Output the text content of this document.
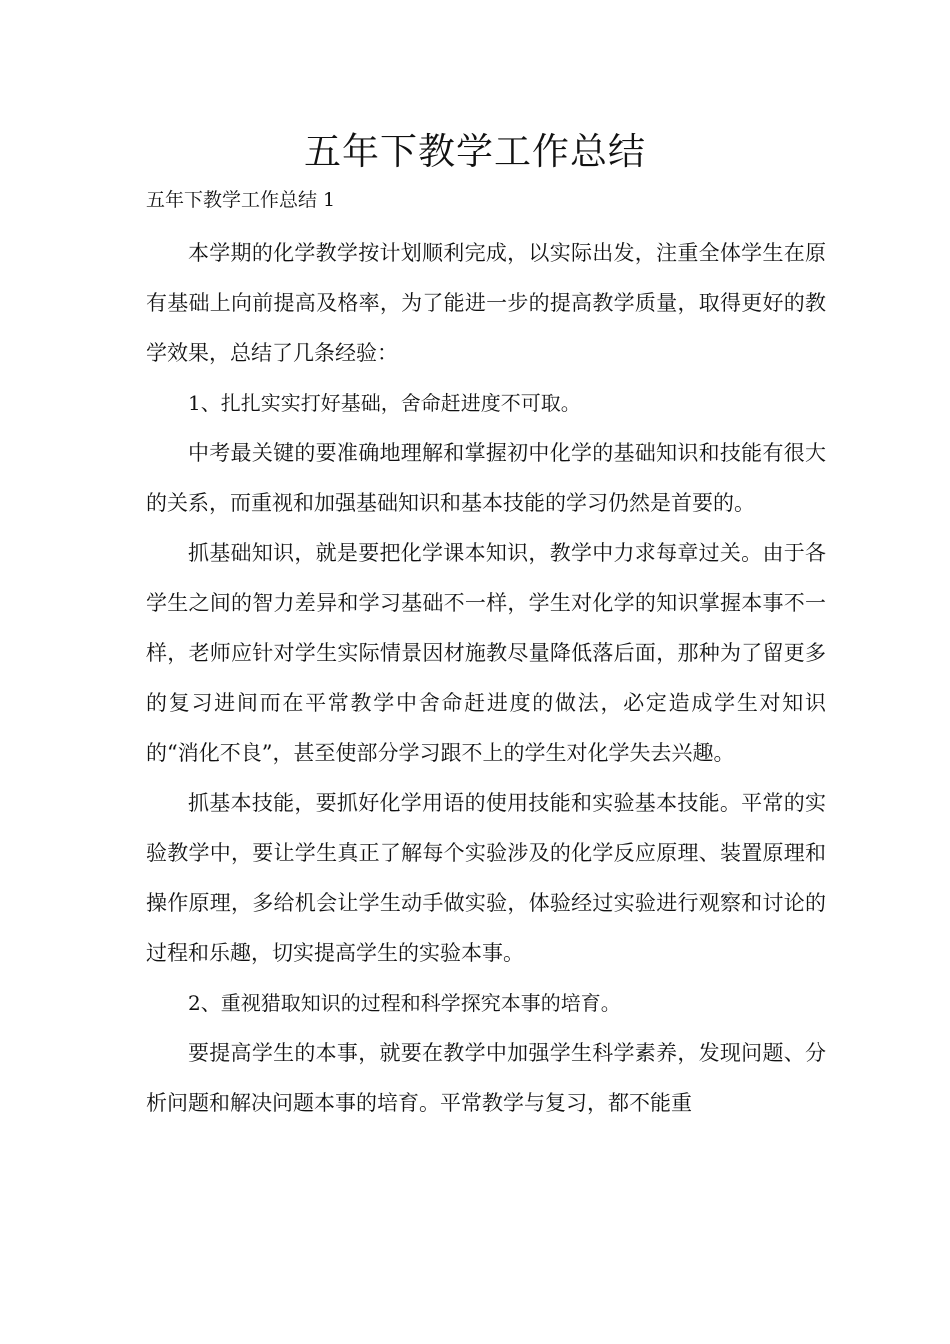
五年下教学工作总结

五年下教学工作总结 1

本学期的化学教学按计划顺利完成，以实际出发，注重全体学生在原有基础上向前提高及格率，为了能进一步的提高教学质量，取得更好的教学效果，总结了几条经验：

1、扎扎实实打好基础，舍命赶进度不可取。

中考最关键的要准确地理解和掌握初中化学的基础知识和技能有很大的关系，而重视和加强基础知识和基本技能的学习仍然是首要的。

抓基础知识，就是要把化学课本知识，教学中力求每章过关。由于各学生之间的智力差异和学习基础不一样，学生对化学的知识掌握本事不一样，老师应针对学生实际情景因材施教尽量降低落后面，那种为了留更多的复习进间而在平常教学中舍命赶进度的做法，必定造成学生对知识的“消化不良”，甚至使部分学习跟不上的学生对化学失去兴趣。

抓基本技能，要抓好化学用语的使用技能和实验基本技能。平常的实验教学中，要让学生真正了解每个实验涉及的化学反应原理、装置原理和操作原理，多给机会让学生动手做实验，体验经过实验进行观察和讨论的过程和乐趣，切实提高学生的实验本事。

2、重视猎取知识的过程和科学探究本事的培育。

要提高学生的本事，就要在教学中加强学生科学素养，发现问题、分析问题和解决问题本事的培育。平常教学与复习，都不能重
